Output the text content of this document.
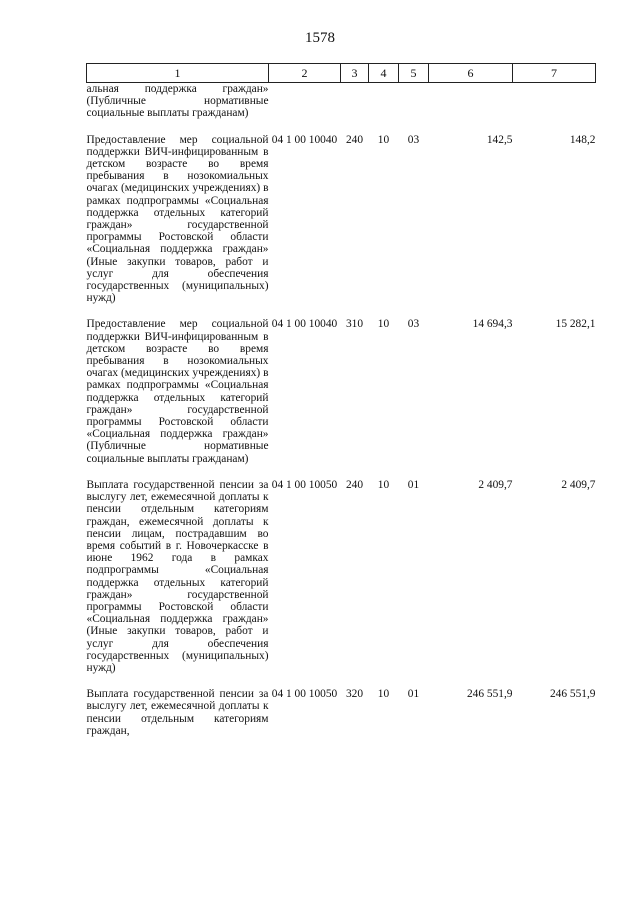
1578
1	2	3	4	5	6	7
альная поддержка граждан» (Публичные нормативные социальные выплаты гражданам)						

Предоставление мер социальной поддержки ВИЧ-инфицированным в детском возрасте во время пребывания в нозокомиальных очагах (медицинских учреждениях) в рамках подпрограммы «Социальная поддержка отдельных категорий граждан» государственной программы Ростовской области «Социальная поддержка граждан» (Иные закупки товаров, работ и услуг для обеспечения государственных (муниципальных) нужд)	04 1 00 10040	240	10	03	142,5	148,2

Предоставление мер социальной поддержки ВИЧ-инфицированным в детском возрасте во время пребывания в нозокомиальных очагах (медицинских учреждениях) в рамках подпрограммы «Социальная поддержка отдельных категорий граждан» государственной программы Ростовской области «Социальная поддержка граждан» (Публичные нормативные социальные выплаты гражданам)	04 1 00 10040	310	10	03	14 694,3	15 282,1

Выплата государственной пенсии за выслугу лет, ежемесячной доплаты к пенсии отдельным категориям граждан, ежемесячной доплаты к пенсии лицам, пострадавшим во время событий в г. Новочеркасске в июне 1962 года в рамках подпрограммы «Социальная поддержка отдельных категорий граждан» государственной программы Ростовской области «Социальная поддержка граждан» (Иные закупки товаров, работ и услуг для обеспечения государственных (муниципальных) нужд)	04 1 00 10050	240	10	01	2 409,7	2 409,7

Выплата государственной пенсии за выслугу лет, ежемесячной доплаты к пенсии отдельным категориям граждан,	04 1 00 10050	320	10	01	246 551,9	246 551,9
